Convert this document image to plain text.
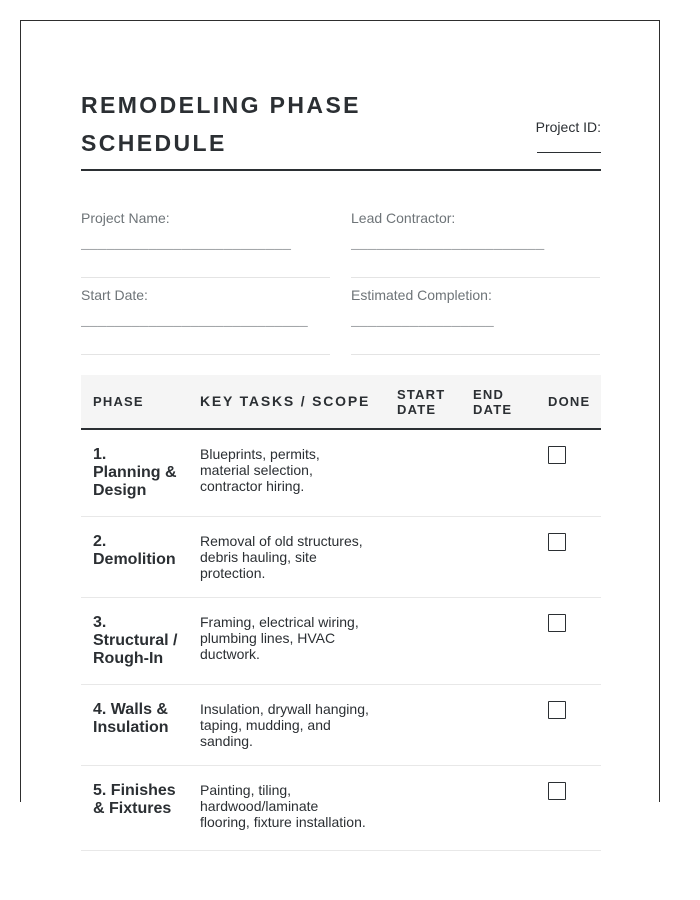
REMODELING PHASE SCHEDULE
Project ID:
Project Name:
_________________________
Lead Contractor:
_______________________
Start Date:
___________________________
Estimated Completion:
_________________
PHASE	KEY TASKS / SCOPE	START DATE	END DATE	DONE
1. Planning & Design	Blueprints, permits, material selection, contractor hiring.			

2. Demolition	Removal of old structures, debris hauling, site protection.			

3. Structural / Rough-In	Framing, electrical wiring, plumbing lines, HVAC ductwork.			

4. Walls & Insulation	Insulation, drywall hanging, taping, mudding, and sanding.			

5. Finishes & Fixtures	Painting, tiling, hardwood/laminate flooring, fixture installation.			
